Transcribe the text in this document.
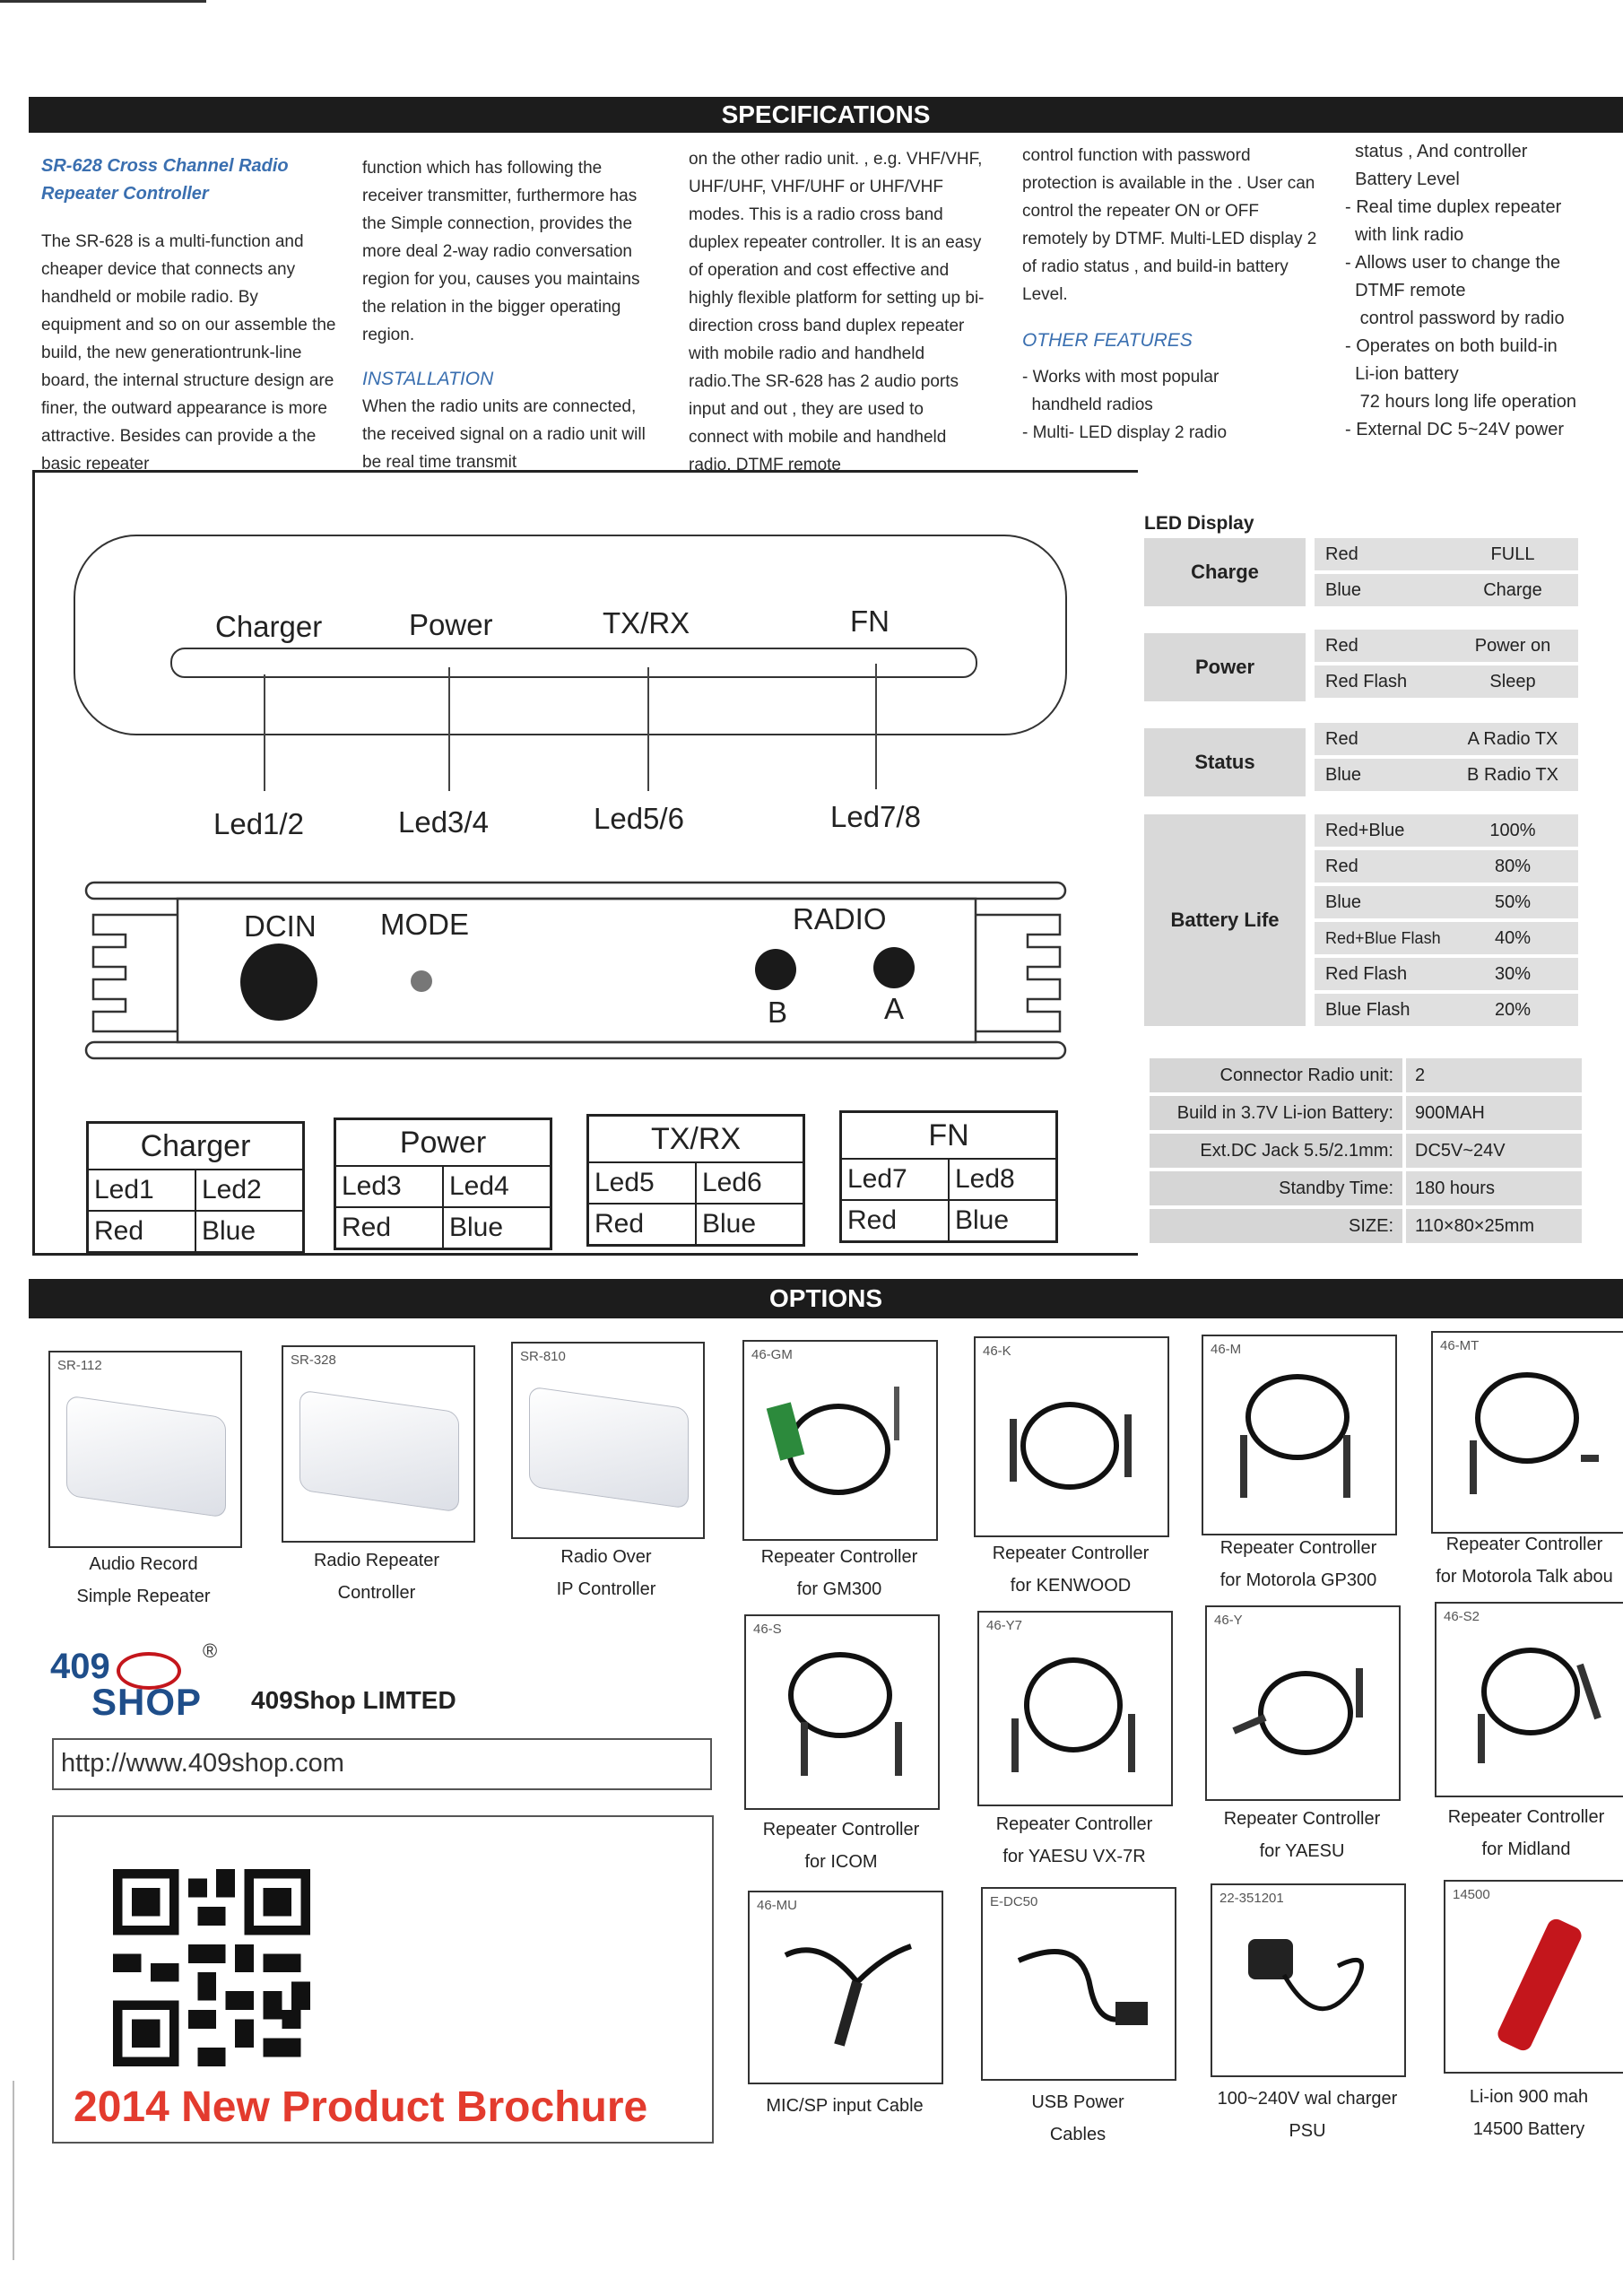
SPECIFICATIONS

SR-628 Cross Channel Radio Repeater Controller

The SR-628 is a multi-function and cheaper device that connects any handheld or mobile radio. By equipment and so on our assemble the build, the new generationtrunk-line board, the internal structure design are finer, the outward appearance is more attractive. Besides can provide a the basic repeater

function which has following the receiver transmitter, furthermore has the Simple connection, provides the more deal 2-way radio conversation region for you, causes you maintains the relation in the bigger operating region.

INSTALLATION

When the radio units are connected, the received signal on a radio unit will be real time transmit

on the other radio unit. , e.g. VHF/VHF, UHF/UHF, VHF/UHF or UHF/VHF modes. This is a radio cross band duplex repeater controller. It is an easy of operation and cost effective and highly flexible platform for setting up bi-direction cross band duplex repeater with mobile radio and handheld radio.The SR-628 has 2 audio ports input and out , they are used to connect with mobile and handheld radio. DTMF remote

control function with password protection is available in the . User can control the repeater ON or OFF remotely by DTMF. Multi-LED display 2 of radio status , and build-in battery Level.

OTHER FEATURES

- Works with most popular

handheld radios

- Multi- LED display 2 radio

status , And controller

Battery Level

- Real time duplex repeater

with link radio

- Allows user to change the

DTMF remote

control password by radio

- Operates on both build-in

Li-ion battery

72 hours long life operation

- External DC 5~24V power

Charger	Power	TX/RX	FN
Led1/2	Led3/4	Led5/6	Led7/8
DCIN MODE	RADIO
B	A
Charger	
Led1	Led2
Red	Blue
Power	
Led3	Led4
Red	Blue
TX/RX	
Led5	Led6
Red	Blue
FN	
Led7	Led8
Red	Blue
LED Display
Charge
Red	FULL
Blue	Charge
Power
Red	Power on
Red Flash	Sleep
Status
Red	A Radio TX
Blue	B Radio TX
Battery Life
Red+Blue	100%
Red	80%
Blue	50%
Red+Blue Flash	40%
Red Flash	30%
Blue Flash	20%
Connector Radio unit:	2
Build in 3.7V Li-ion Battery:	900MAH
Ext.DC Jack 5.5/2.1mm:	DC5V~24V
Standby Time:	180 hours
SIZE:	110×80×25mm
OPTIONS
SR-112
Audio Record
Simple Repeater
SR-328
Radio Repeater
Controller
SR-810
Radio Over
IP Controller
46-GM
Repeater Controller
for GM300
46-K
Repeater Controller
for KENWOOD
46-M
Repeater Controller
for Motorola GP300
46-MT
Repeater Controller
for Motorola Talk abou
46-S
Repeater Controller
for ICOM
46-Y7
Repeater Controller
for YAESU VX-7R
46-Y
Repeater Controller
for YAESU
46-S2
Repeater Controller
for Midland
46-MU
MIC/SP input Cable
E-DC50
USB Power
Cables
22-351201
100~240V wal charger
PSU
14500
Li-ion 900 mah
14500 Battery
409	®
SHOP 409Shop LIMTED
http://www.409shop.com
2014 New Product Brochure
